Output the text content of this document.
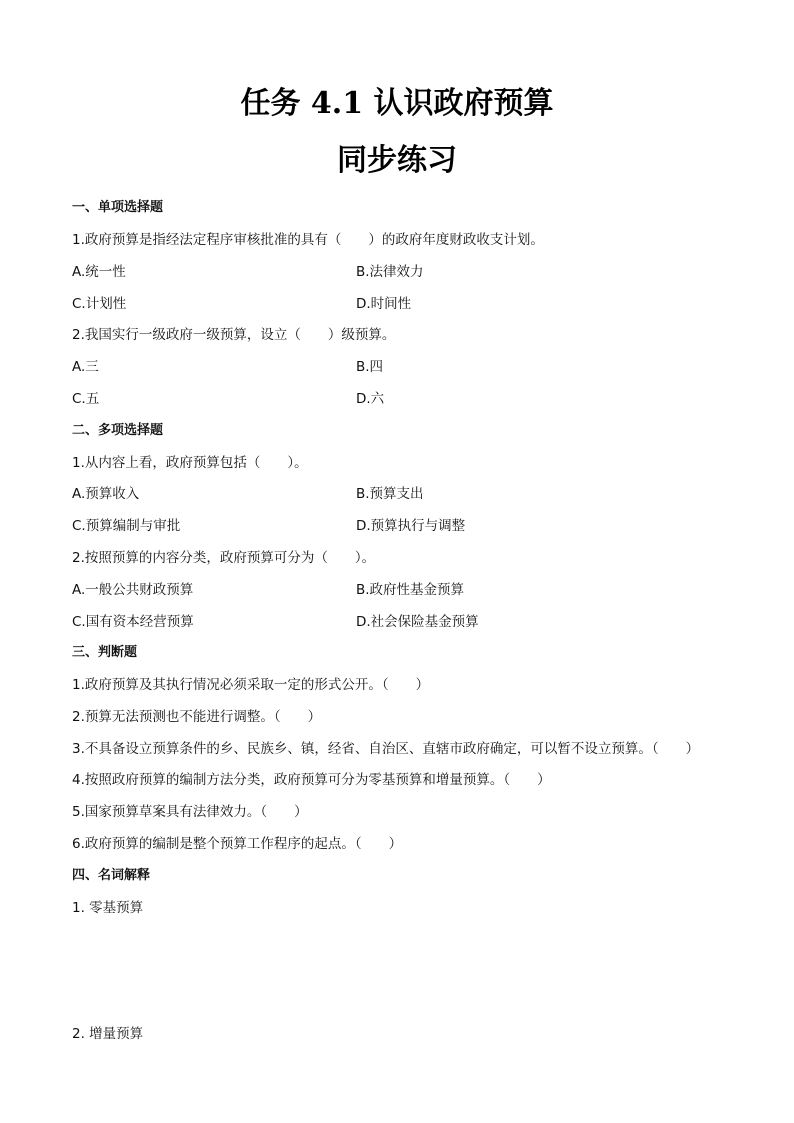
任务 4.1 认识政府预算
同步练习
一、单项选择题
1.政府预算是指经法定程序审核批准的具有（　　）的政府年度财政收支计划。
A.统一性	B.法律效力
C.计划性	D.时间性
2.我国实行一级政府一级预算，设立（　　）级预算。
A.三	B.四
C.五	D.六
二、多项选择题
1.从内容上看，政府预算包括（　　）。
A.预算收入	B.预算支出
C.预算编制与审批	D.预算执行与调整
2.按照预算的内容分类，政府预算可分为（　　）。
A.一般公共财政预算	B.政府性基金预算
C.国有资本经营预算	D.社会保险基金预算
三、判断题
1.政府预算及其执行情况必须采取一定的形式公开。（　　）
2.预算无法预测也不能进行调整。（　　）
3.不具备设立预算条件的乡、民族乡、镇，经省、自治区、直辖市政府确定，可以暂不设立预算。（　　）
4.按照政府预算的编制方法分类，政府预算可分为零基预算和增量预算。（　　）
5.国家预算草案具有法律效力。（　　）
6.政府预算的编制是整个预算工作程序的起点。（　　）
四、名词解释
1. 零基预算
2. 增量预算
